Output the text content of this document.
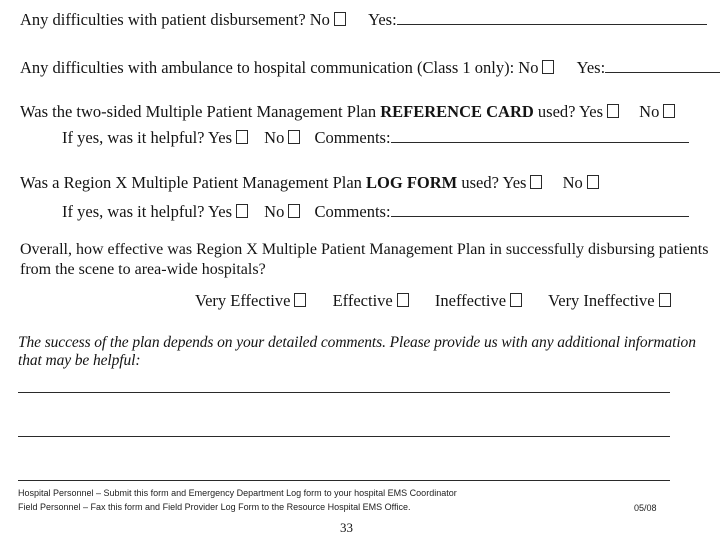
Any difficulties with patient disbursement? No Yes:
Any difficulties with ambulance to hospital communication (Class 1 only): No Yes:
Was the two-sided Multiple Patient Management Plan REFERENCE CARD used? Yes No
If yes, was it helpful? Yes No Comments:
Was a Region X Multiple Patient Management Plan LOG FORM used? Yes No
If yes, was it helpful? Yes No Comments:
Overall, how effective was Region X Multiple Patient Management Plan in successfully disbursing patients
from the scene to area-wide hospitals?
Very Effective	Effective	Ineffective	Very Ineffective
The success of the plan depends on your detailed comments. Please provide us with any additional information
that may be helpful:
Hospital Personnel – Submit this form and Emergency Department Log form to your hospital EMS Coordinator
Field Personnel – Fax this form and Field Provider Log Form to the Resource Hospital EMS Office.	05/08
33
